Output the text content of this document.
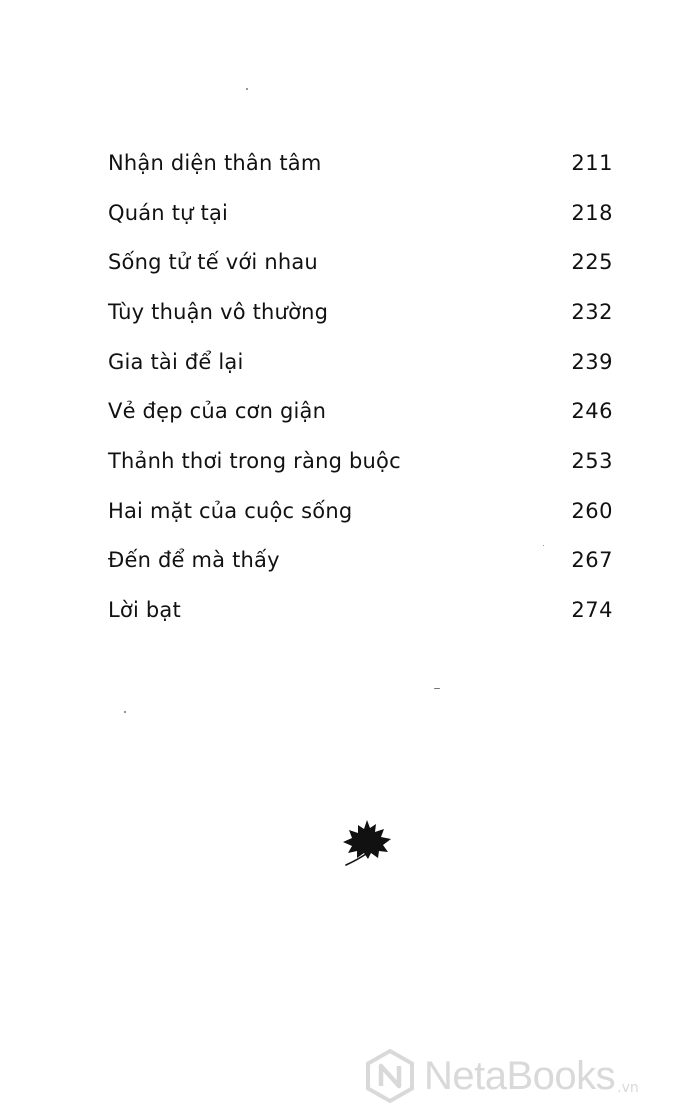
Nhận diện thân tâm	211
Quán tự tại	218
Sống tử tế với nhau	225
Tùy thuận vô thường	232
Gia tài để lại	239
Vẻ đẹp của cơn giận	246
Thảnh thơi trong ràng buộc	253
Hai mặt của cuộc sống	260
Đến để mà thấy	267
Lời bạt	274
NetaBooks .vn
